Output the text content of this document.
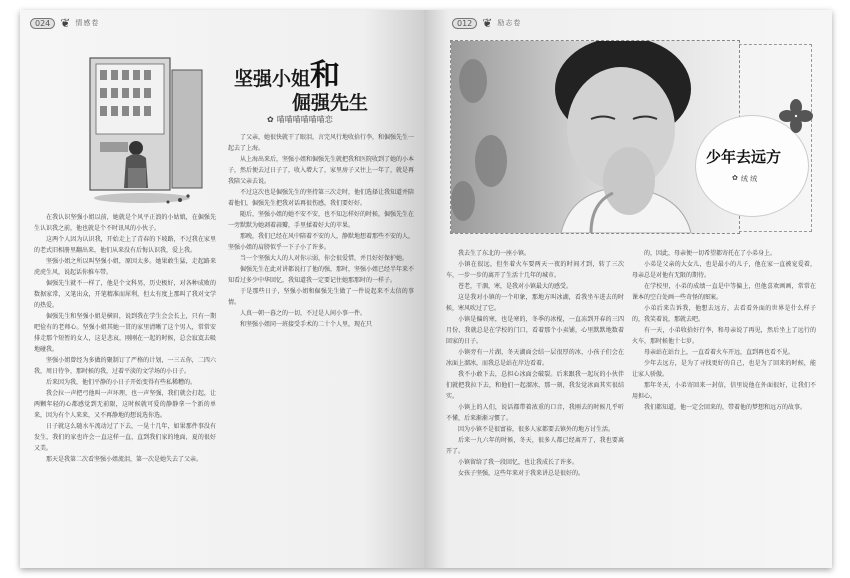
024 ❦ 情感卷
坚强小姐和
倔强先生
✿ 喵喵喵喵喵喵恋

在我认识坚强小姐以前，她就是个风平正浪的小姑娘，在倔强先生认识我之前，他也就是个不时讯风的小伙子。

这两个人因为认识我，开始走上了青春的下坡路，不过我在家里的老式旧相册里翻出来，他们从来没有后悔认识我，爱上我。

坚强小姐之所以叫坚强小姐，原因太多。她果敢生猛，走起路来虎虎生风，说起话你推车带。

倔强先生就不一样了，他是个文科男，历史极好，对各种成败的数据家常，又笔出众，开笔精准而犀利，但太有度上那叫了我对文学的热爱。

倔强先生和坚强小姐是横眉，说到我在学生会会长上，只有一期吧俭有的老师心。坚强小姐其她一贯的家里清晰了这个男人，常常安排走那个短暂的女人，这是悲哀，刚刚在一起的时候，总会寂寞去吸地碰我。

坚强小姐曾经为多做的聚制订了严格的计划，一三五你，二四六我，周日待争，那时候的我，过着平淡的文学场的小日子。

后来因为我，他们平静的小日子开始变得有些私稀糟的。

我会拉一声把弓他叫一声坏理，也一声坚强，我们就会打起，让两颗年轻的心都感觉到无前限，这时候就可爱的静静拿一个新的单来，因为有个人来来，又不再静地的想说选你选。

日子就这么随水车流动过了下去，一晃十几年，如果那件事没有发生，我们的家也许会一直这样一直，直到我们家的地面，夏的很好又美。

那天是我第二次看坚强小姐流泪，第一次是她失去了父亲。

了父亲，她很快就干了眼泪，言完风行地收拾行李，和倔强先生一起去了上海。

从上海出来后，坚强小姐和倔强先生就把我和医院收到了她的小本子，然后便去过日子了，收入增大了，家里房子又往上一年了，就是再我陪父亲去说。

不过这次也是倔强先生的坚持第三次走时，他们选择让我知道并陪着他们，倔强先生把我对话再很伤感，我们要好好。

随后，坚强小姐的她不安不安，也不知怎样好的时候，倔强先生在一旁默默为她剥着蒜瓣，手里揉着好大的苹果。

那晚，我们已经在风中陪着不安的人，静默地想着那些不安的人，坚强小姐的肩膀似乎一下子小了许多。

当一个坚强大人的人对你示弱，你会很爱惜，并且好好保护她。

倔强先生在此对讲都说打了他的强，那时，坚强小姐已经半年来不知看过多少中华回忆，我知道我一定要记住她那那时的一样子。

于是那些日子，坚强小姐和倔强先生做了一件说起来不太信的事情。

人真一朝一暮之的一切，不过是人间小事一件。

和坚强小姐同一班接受手术的二十个人里，现在只

012 ❦ 励志卷
少年去远方
✿ 绒 绒

我去生了东北的一座小镇。

小镇在很远，但坐着火车要两天一夜的时间才到，转了三次车，一步一步的离开了生活十几年的城市。

苍老，干涸，寒，是我对小镇最大的感受。

这是我对小镇的一个印象，那地方叫冰湖，看我坐车进去的时候，寒风吹过了它。

小镇是偏的寒，也是寒的，冬季的冰棍，一直冻到开春的三四月份，我就总是在学校的门口，看着那个小卖铺，心里默默地数着回家的日子。

小镇旁有一片湖，冬天湖面会结一层很厚的冰，小孩子们会在冰面上溜冰，而我总是站在岸边看着。

我不小敢下去，总担心冰面会破裂。后来跟我一起玩的小伙伴们就把我拉下去，和他们一起溜冰，那一刻，我发觉冰面其实很结实。

小镇上的人们，说话都带着浓重的口音，我刚去的时候几乎听不懂，后来渐渐习惯了。

因为小镇不是很富裕，很多人家都要去镇外的地方讨生活。

后来一九六年的时候，冬天，很多人都已经离开了，我也要离开了。

小镇留给了我一段回忆，也让我成长了许多。

女孩子坚强，这些年来对于我来讲总是很好的。

的，因此，母亲便一切希望都寄托在了小弟身上。

小弟是父亲的大女儿，也是最小的儿子，他在家一直被宠爱着，母亲总是对他有无限的期待。

在学校里，小弟的成绩一直是中等偏上，但他喜欢画画，常常在课本的空白处画一些奇怪的图案。

小弟后来告诉我，他想去远方，去看看外面的世界是什么样子的，我笑着说，那就去吧。

有一天，小弟收拾好行李，和母亲说了再见，然后坐上了远行的火车，那时候他十七岁。

母亲站在站台上，一直看着火车开远，直到再也看不见。

少年去远方，是为了寻找更好的自己，也是为了回来的时候，能让家人骄傲。

那年冬天，小弟寄回来一封信，信里说他在外面很好，让我们不用担心。

我们都知道，他一定会回来的，带着他的梦想和远方的故事。
